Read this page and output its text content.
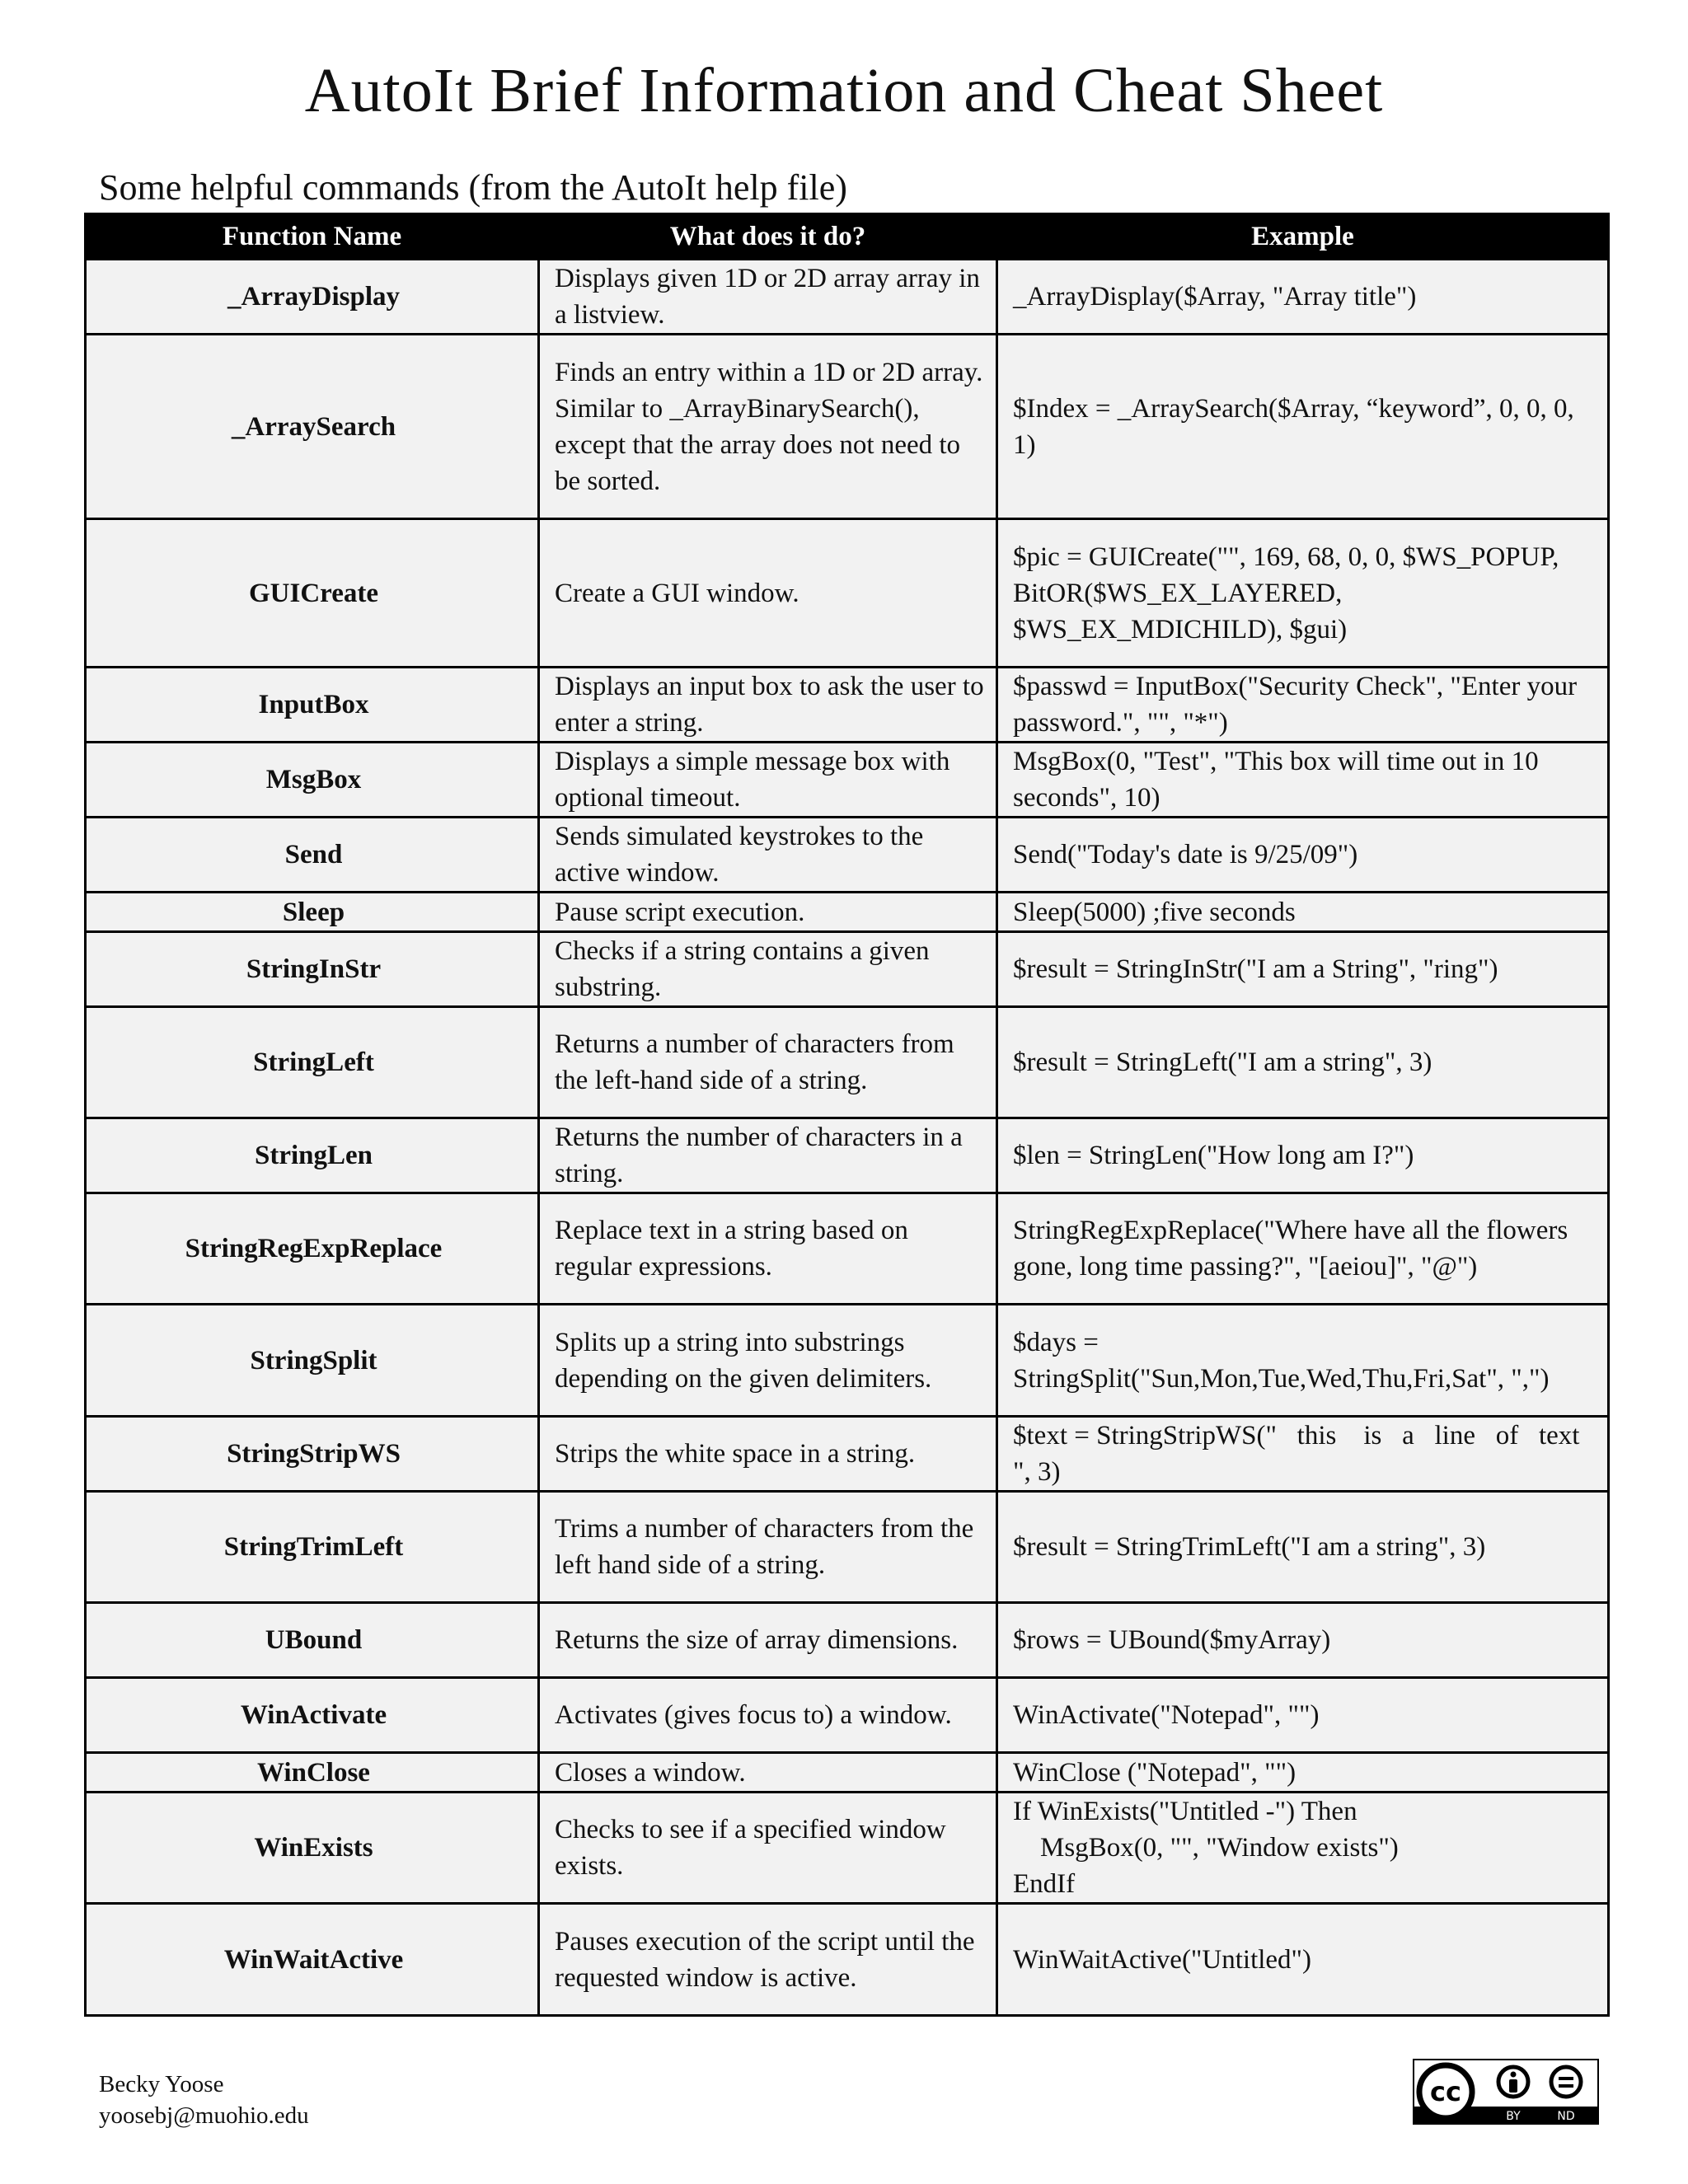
AutoIt Brief Information and Cheat Sheet
Some helpful commands (from the AutoIt help file)
Function Name	What does it do?	Example
_ArrayDisplay	Displays given 1D or 2D array array in a listview.	_ArrayDisplay($Array, "Array title")
_ArraySearch	Finds an entry within a 1D or 2D array. Similar to _ArrayBinarySearch(), except that the array does not need to be sorted.	$Index = _ArraySearch($Array, “keyword”, 0, 0, 0, 1)
GUICreate	Create a GUI window.	$pic = GUICreate("", 169, 68, 0, 0, $WS_POPUP, BitOR($WS_EX_LAYERED, $WS_EX_MDICHILD), $gui)
InputBox	Displays an input box to ask the user to enter a string.	$passwd = InputBox("Security Check", "Enter your password.", "", "*")
MsgBox	Displays a simple message box with optional timeout.	MsgBox(0, "Test", "This box will time out in 10 seconds", 10)
Send	Sends simulated keystrokes to the active window.	Send("Today's date is 9/25/09")
Sleep	Pause script execution.	Sleep(5000) ;five seconds
StringInStr	Checks if a string contains a given substring.	$result = StringInStr("I am a String", "ring")
StringLeft	Returns a number of characters from the left-hand side of a string.	$result = StringLeft("I am a string", 3)
StringLen	Returns the number of characters in a string.	$len = StringLen("How long am I?")
StringRegExpReplace	Replace text in a string based on regular expressions.	StringRegExpReplace("Where have all the flowers gone, long time passing?", "[aeiou]", "@")
StringSplit	Splits up a string into substrings depending on the given delimiters.	$days = StringSplit("Sun,Mon,Tue,Wed,Thu,Fri,Sat", ",")
StringStripWS	Strips the white space in a string.	$text = StringStripWS("   this    is   a   line   of   text   ", 3)
StringTrimLeft	Trims a number of characters from the left hand side of a string.	$result = StringTrimLeft("I am a string", 3)
UBound	Returns the size of array dimensions.	$rows = UBound($myArray)
WinActivate	Activates (gives focus to) a window.	WinActivate("Notepad", "")
WinClose	Closes a window.	WinClose ("Notepad", "")
WinExists	Checks to see if a specified window exists.	If WinExists("Untitled -") Then
MsgBox(0, "", "Window exists")
EndIf
WinWaitActive	Pauses execution of the script until the requested window is active.	WinWaitActive("Untitled")
Becky Yoose
yoosebj@muohio.edu
cc
BY	ND
